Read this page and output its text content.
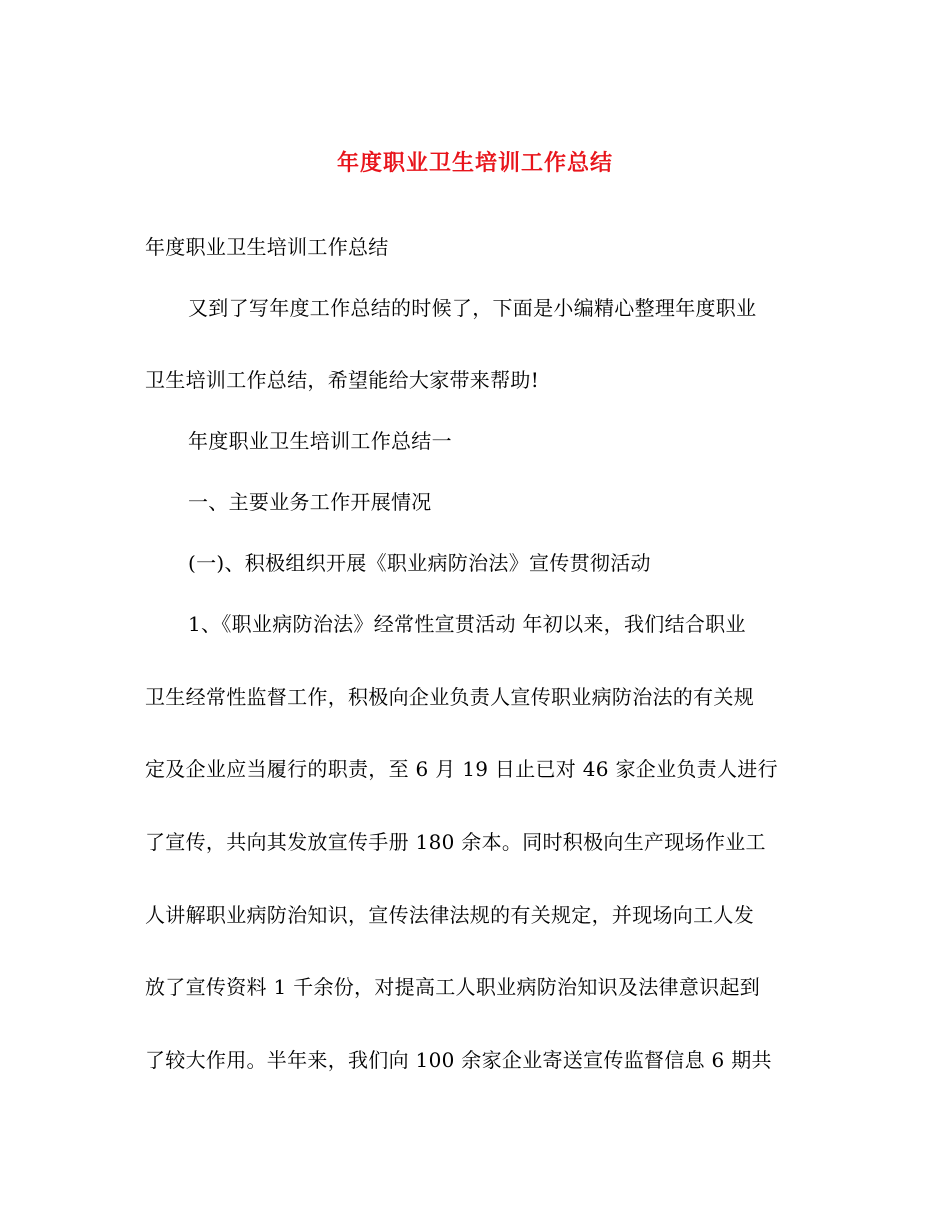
年度职业卫生培训工作总结
年度职业卫生培训工作总结
又到了写年度工作总结的时候了，下面是小编精心整理年度职业
卫生培训工作总结，希望能给大家带来帮助!
年度职业卫生培训工作总结一
一、主要业务工作开展情况
(一)、积极组织开展《职业病防治法》宣传贯彻活动
1、《职业病防治法》经常性宣贯活动 年初以来，我们结合职业
卫生经常性监督工作，积极向企业负责人宣传职业病防治法的有关规
定及企业应当履行的职责，至 6 月 19 日止已对 46 家企业负责人进行
了宣传，共向其发放宣传手册 180 余本。同时积极向生产现场作业工
人讲解职业病防治知识，宣传法律法规的有关规定，并现场向工人发
放了宣传资料 1 千余份，对提高工人职业病防治知识及法律意识起到
了较大作用。半年来，我们向 100 余家企业寄送宣传监督信息 6 期共
